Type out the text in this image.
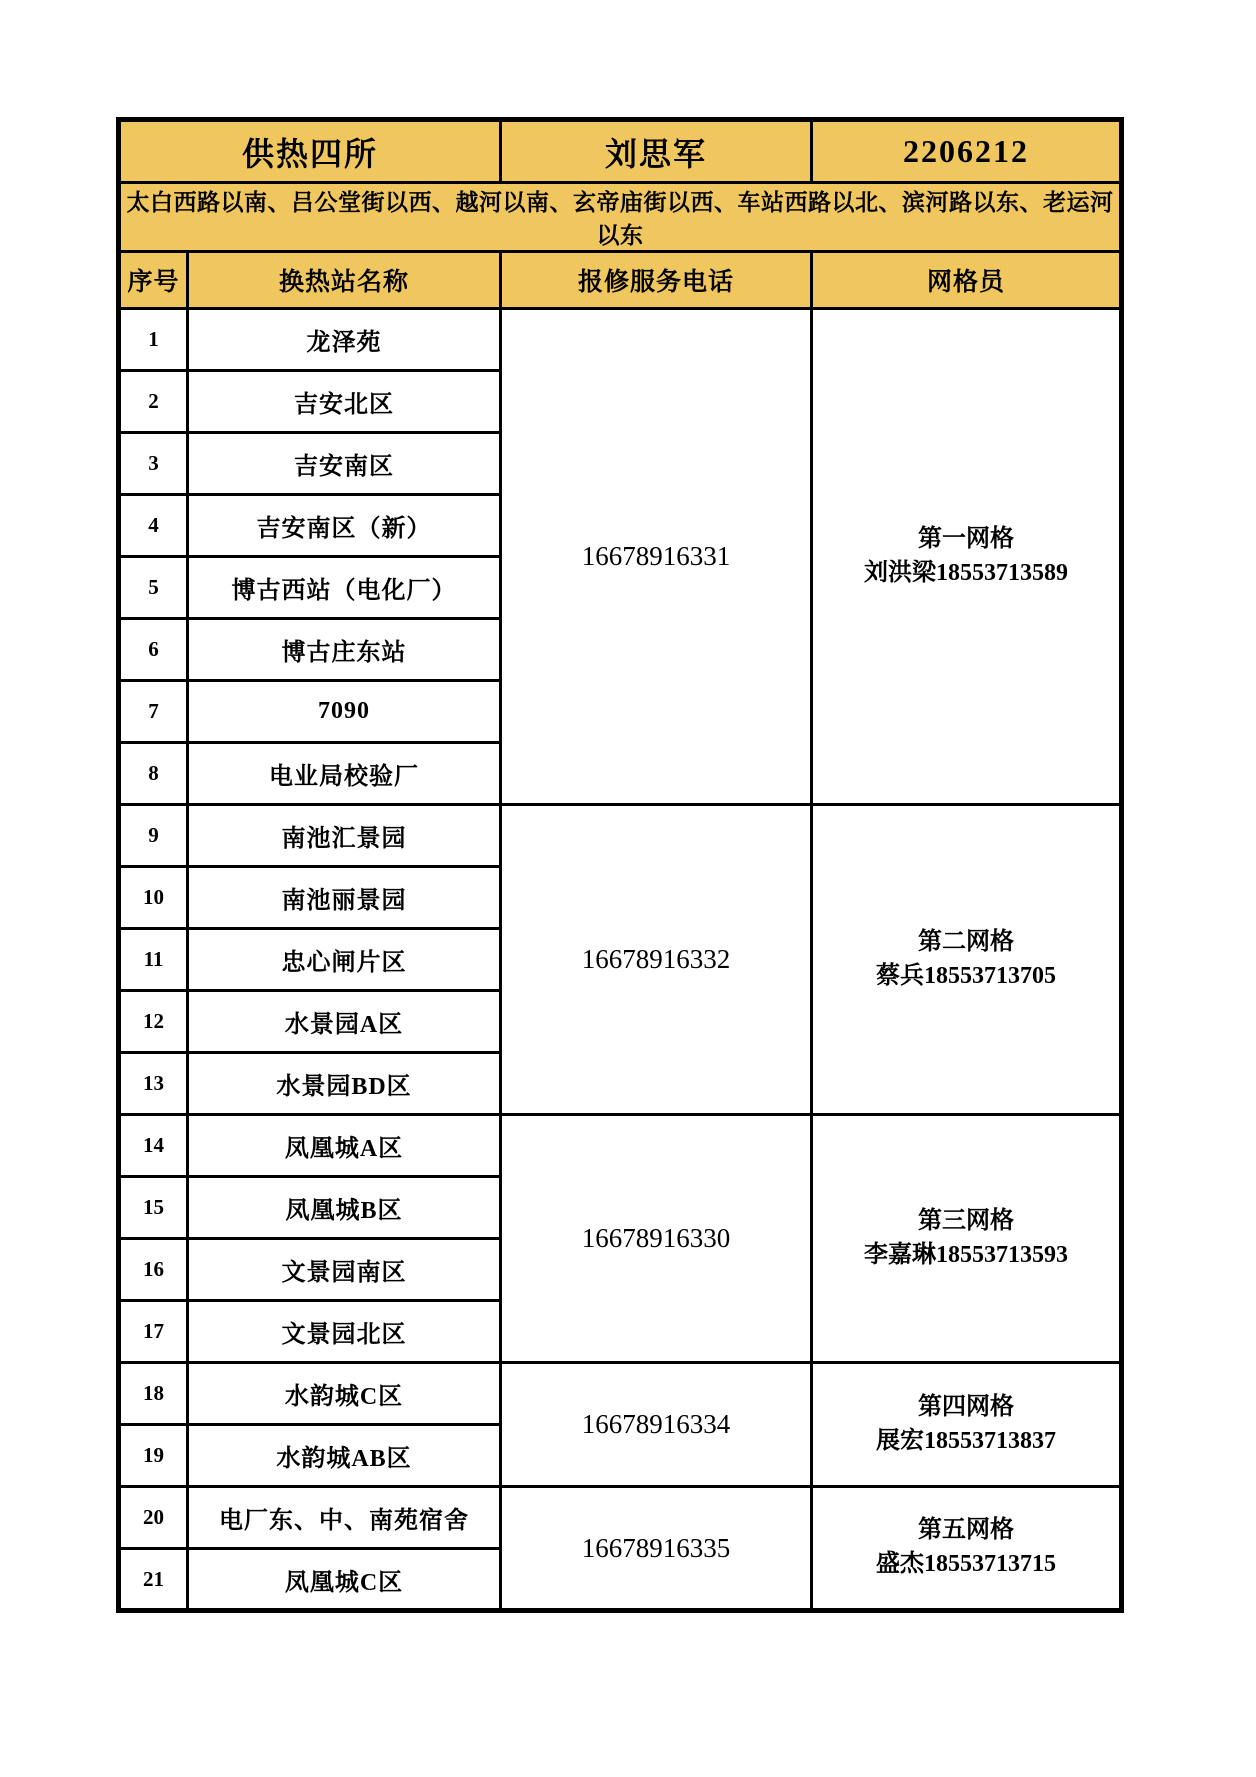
供热四所		刘思军	2206212
太白西路以南、吕公堂街以西、越河以南、玄帝庙街以西、车站西路以北、滨河路以东、老运河以东			
序号	换热站名称	报修服务电话	网格员
1	龙泽苑	16678916331	第一网格
刘洪梁18553713589

2	吉安北区		
3	吉安南区		
4	吉安南区（新）		
5	博古西站（电化厂）		
6	博古庄东站		
7	7090		
8	电业局校验厂		
9	南池汇景园	16678916332	第二网格
蔡兵18553713705

10	南池丽景园		
11	忠心闸片区		
12	水景园A区		
13	水景园BD区		
14	凤凰城A区	16678916330	第三网格
李嘉琳18553713593

15	凤凰城B区		
16	文景园南区		
17	文景园北区		
18	水韵城C区	16678916334	第四网格
展宏18553713837

19	水韵城AB区		
20	电厂东、中、南苑宿舍	16678916335	第五网格
盛杰18553713715

21	凤凰城C区		
